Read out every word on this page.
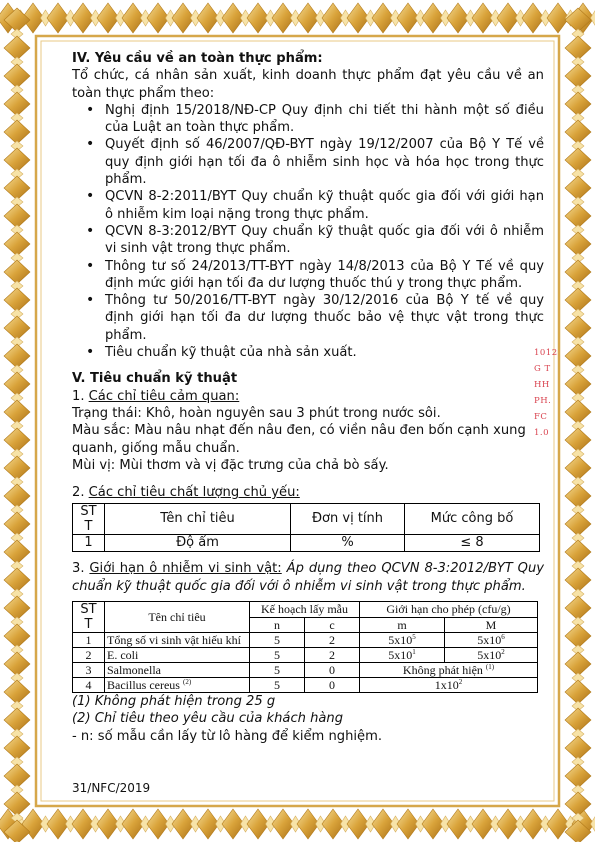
1012
G T
HH
PH.
FC
1.0
IV. Yêu cầu về an toàn thực phẩm:
Tổ chức, cá nhân sản xuất, kinh doanh thực phẩm đạt yêu cầu về an toàn thực phẩm theo:
• Nghị định 15/2018/NĐ-CP Quy định chi tiết thi hành một số điều của Luật an toàn thực phẩm.
• Quyết định số 46/2007/QĐ-BYT ngày 19/12/2007 của Bộ Y Tế về quy định giới hạn tối đa ô nhiễm sinh học và hóa học trong thực phẩm.
• QCVN 8-2:2011/BYT Quy chuẩn kỹ thuật quốc gia đối với giới hạn ô nhiễm kim loại nặng trong thực phẩm.
• QCVN 8-3:2012/BYT Quy chuẩn kỹ thuật quốc gia đối với ô nhiễm vi sinh vật trong thực phẩm.
• Thông tư số 24/2013/TT-BYT ngày 14/8/2013 của Bộ Y Tế về quy định mức giới hạn tối đa dư lượng thuốc thú y trong thực phẩm.
• Thông tư 50/2016/TT-BYT ngày 30/12/2016 của Bộ Y tế về quy định giới hạn tối đa dư lượng thuốc bảo vệ thực vật trong thực phẩm.
• Tiêu chuẩn kỹ thuật của nhà sản xuất.
V. Tiêu chuẩn kỹ thuật
1. Các chỉ tiêu cảm quan:
Trạng thái: Khô, hoàn nguyên sau 3 phút trong nước sôi.
Màu sắc: Màu nâu nhạt đến nâu đen, có viền nâu đen bốn cạnh xung quanh, giống mẫu chuẩn.
Mùi vị: Mùi thơm và vị đặc trưng của chả bò sấy.
2. Các chỉ tiêu chất lượng chủ yếu:
ST
T	Tên chỉ tiêu	Đơn vị tính	Mức công bố
1	Độ ẩm	%	≤ 8
3. Giới hạn ô nhiễm vi sinh vật: Áp dụng theo QCVN 8-3:2012/BYT Quy chuẩn kỹ thuật quốc gia đối với ô nhiễm vi sinh vật trong thực phẩm.
ST
T	Tên chỉ tiêu	Kế hoạch lấy mẫu		Giới hạn cho phép (cfu/g)	
		n	c	m	M
1	Tổng số vi sinh vật hiếu khí	5	2	$5x10^5$	$5x10^6$
2	E. coli	5	2	$5x10^1$	$5x10^2$
3	Salmonella	5	0	Không phát hiện $^{(1)}$
4	Bacillus cereus $^{(2)}$	5	0	$1x10^2$
(1) Không phát hiện trong 25 g
(2) Chỉ tiêu theo yêu cầu của khách hàng
- n: số mẫu cần lấy từ lô hàng để kiểm nghiệm.
31/NFC/2019
